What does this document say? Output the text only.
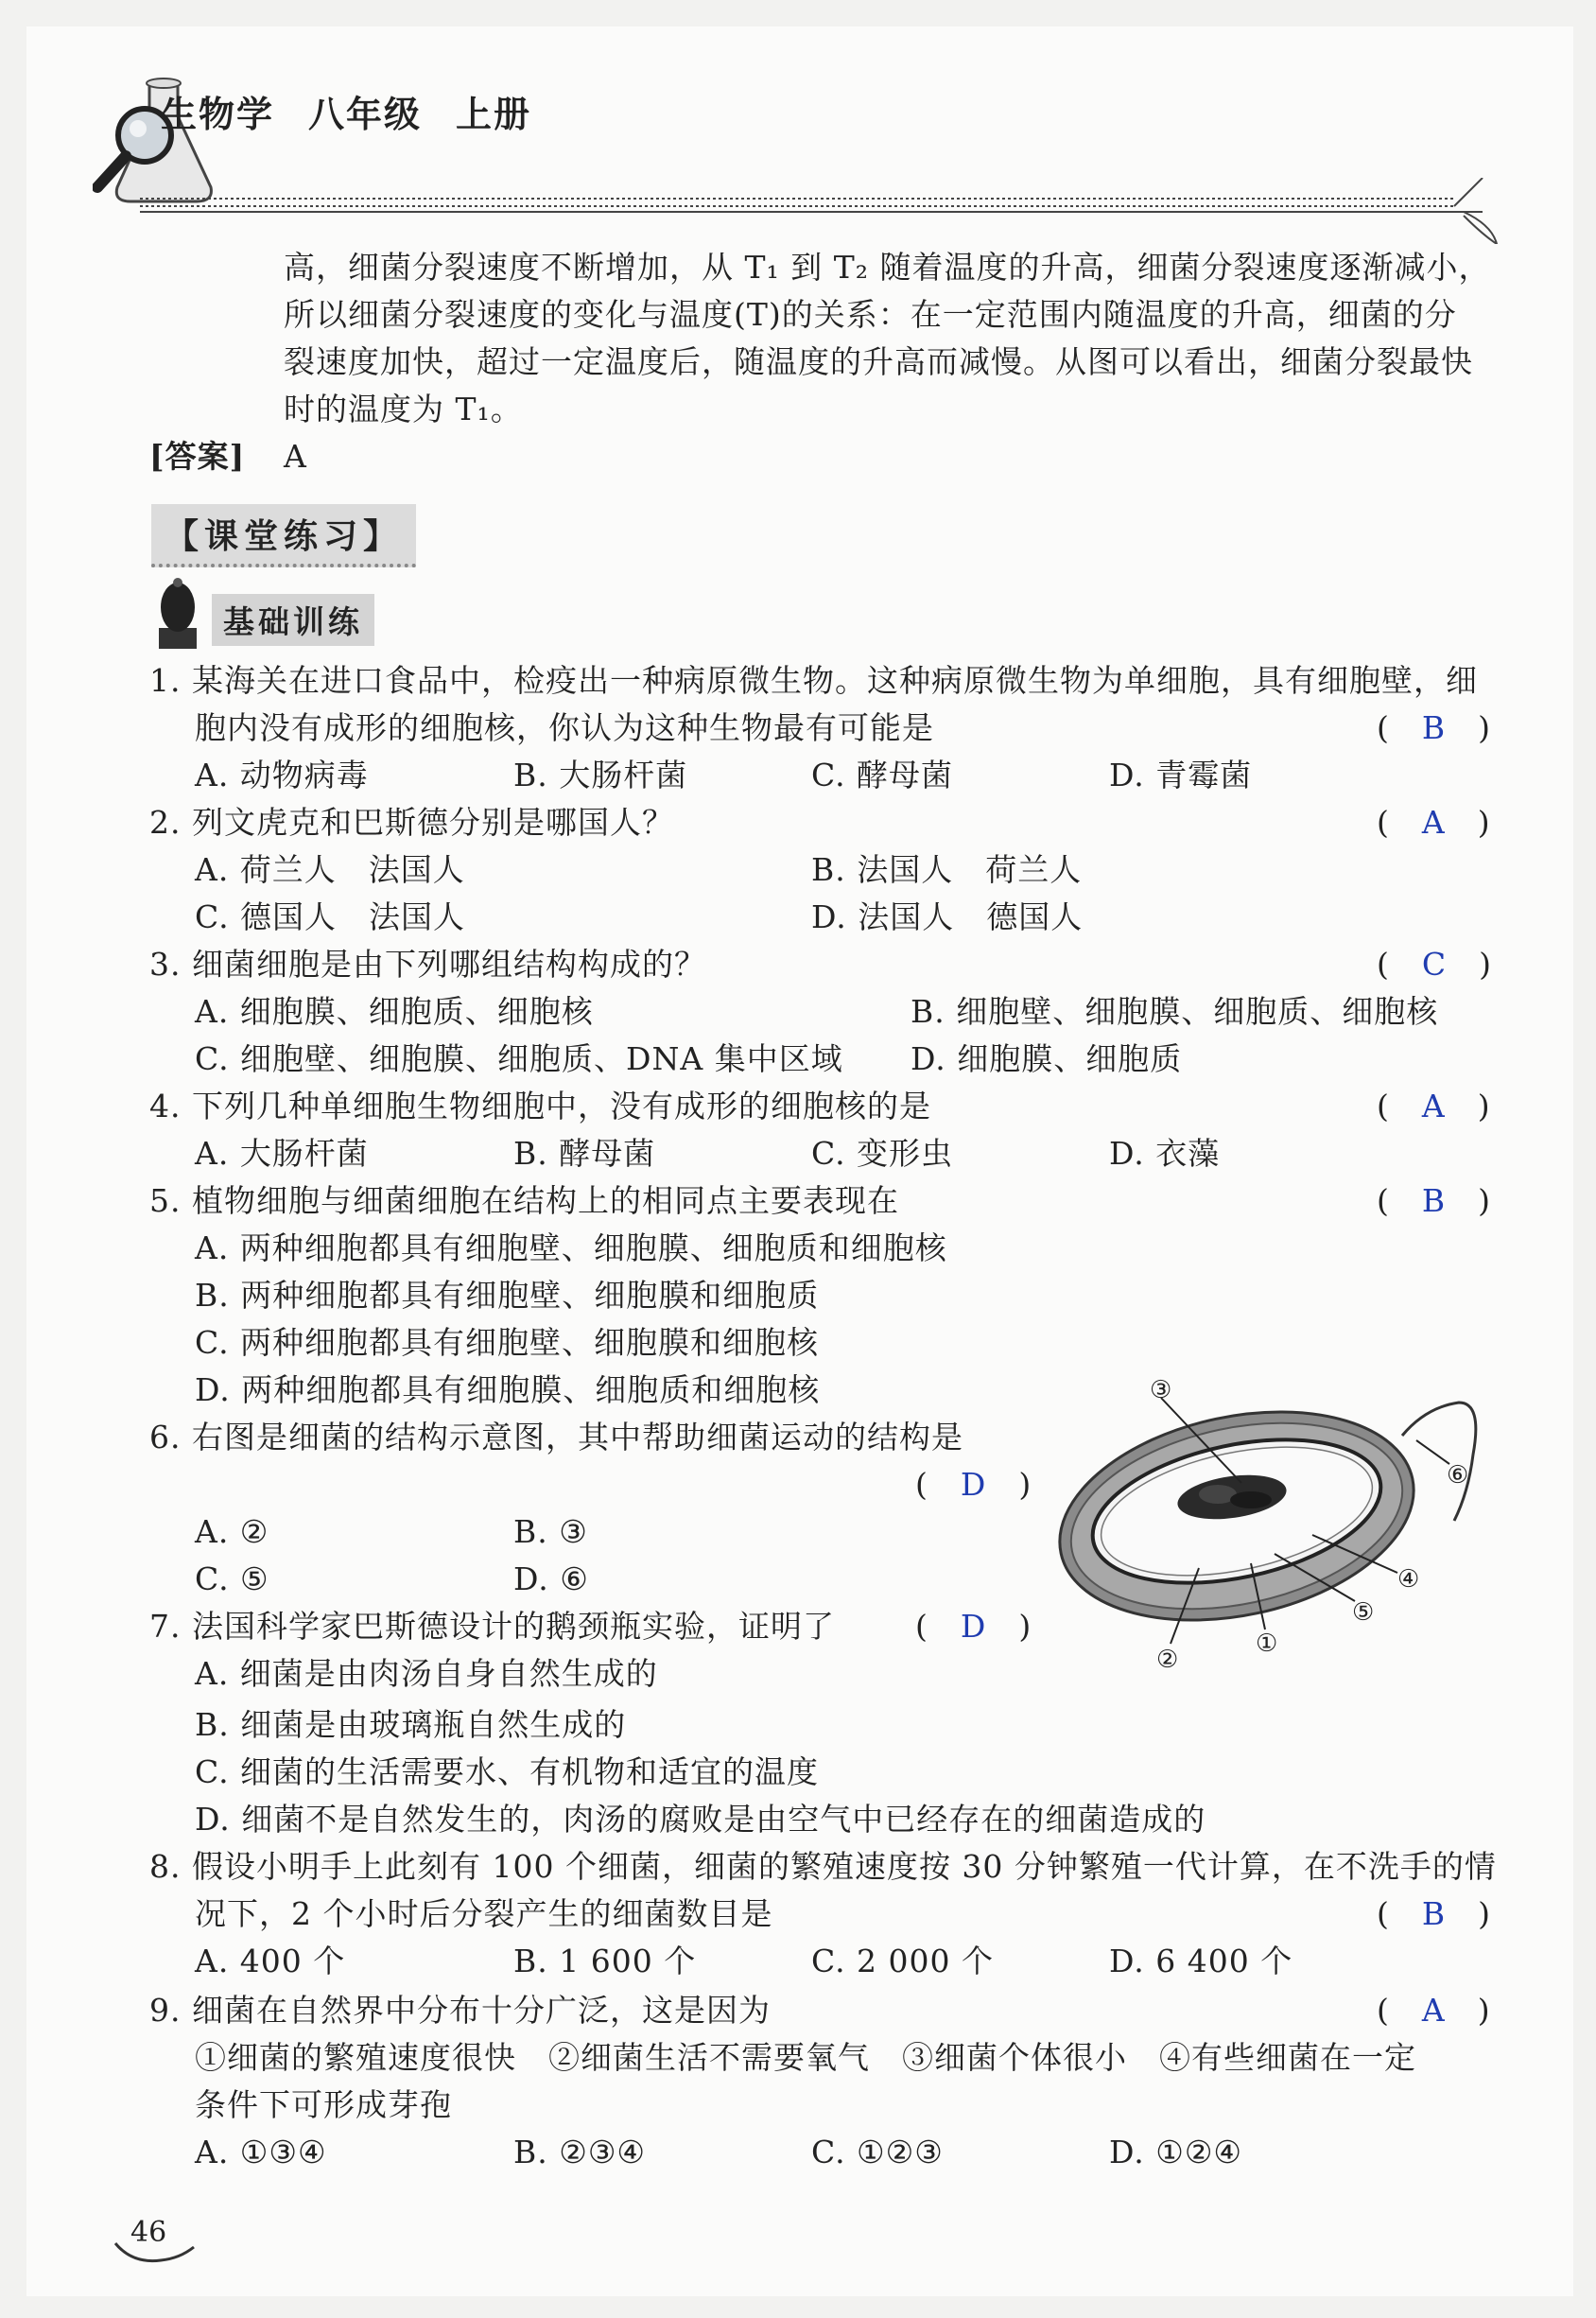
生物学 八年级 上册
高，细菌分裂速度不断增加，从 T₁ 到 T₂ 随着温度的升高，细菌分裂速度逐渐减小，
所以细菌分裂速度的变化与温度(T)的关系：在一定范围内随温度的升高，细菌的分
裂速度加快，超过一定温度后，随温度的升高而减慢。从图可以看出，细菌分裂最快
时的温度为 T₁。
[答案] A
【课堂练习】
基础训练
1. 某海关在进口食品中，检疫出一种病原微生物。这种病原微生物为单细胞，具有细胞壁，细
胞内没有成形的细胞核，你认为这种生物最有可能是	(　B　)
A. 动物病毒	B. 大肠杆菌	C. 酵母菌	D. 青霉菌
2. 列文虎克和巴斯德分别是哪国人？	(　A　)
A. 荷兰人　法国人	B. 法国人　荷兰人
C. 德国人　法国人	D. 法国人　德国人
3. 细菌细胞是由下列哪组结构构成的？	(　C　)
A. 细胞膜、细胞质、细胞核	B. 细胞壁、细胞膜、细胞质、细胞核
C. 细胞壁、细胞膜、细胞质、DNA 集中区域 D. 细胞膜、细胞质
4. 下列几种单细胞生物细胞中，没有成形的细胞核的是	(　A　)
A. 大肠杆菌	B. 酵母菌	C. 变形虫	D. 衣藻
5. 植物细胞与细菌细胞在结构上的相同点主要表现在	(　B　)
A. 两种细胞都具有细胞壁、细胞膜、细胞质和细胞核
B. 两种细胞都具有细胞壁、细胞膜和细胞质
C. 两种细胞都具有细胞壁、细胞膜和细胞核
D. 两种细胞都具有细胞膜、细胞质和细胞核
6. 右图是细菌的结构示意图，其中帮助细菌运动的结构是
(　D　)
A. ②	B. ③
C. ⑤	D. ⑥
③
⑥
④
⑤
①
②
7. 法国科学家巴斯德设计的鹅颈瓶实验，证明了	(　D　)
A. 细菌是由肉汤自身自然生成的
B. 细菌是由玻璃瓶自然生成的
C. 细菌的生活需要水、有机物和适宜的温度
D. 细菌不是自然发生的，肉汤的腐败是由空气中已经存在的细菌造成的
8. 假设小明手上此刻有 100 个细菌，细菌的繁殖速度按 30 分钟繁殖一代计算，在不洗手的情
况下，2 个小时后分裂产生的细菌数目是	(　B　)
A. 400 个	B. 1 600 个	C. 2 000 个	D. 6 400 个
9. 细菌在自然界中分布十分广泛，这是因为	(　A　)
①细菌的繁殖速度很快　②细菌生活不需要氧气　③细菌个体很小　④有些细菌在一定
条件下可形成芽孢
A. ①③④	B. ②③④	C. ①②③	D. ①②④
46
